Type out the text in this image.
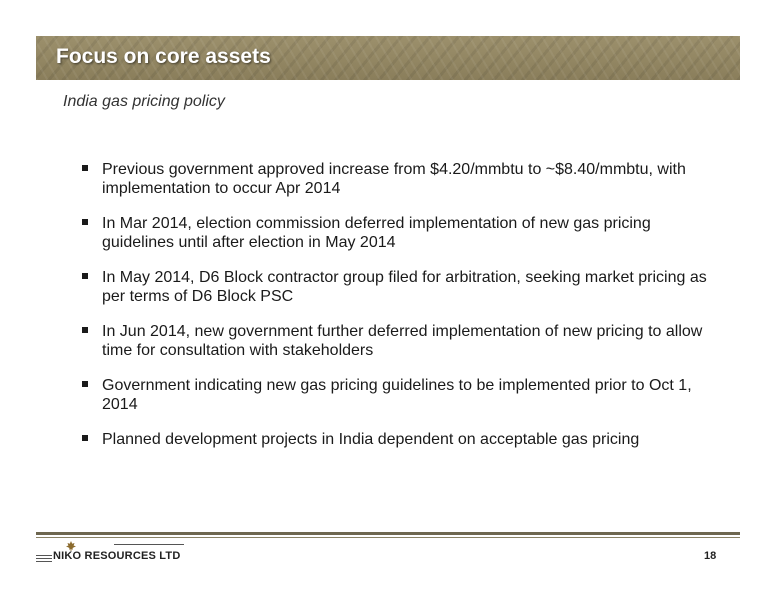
Focus on core assets
India gas pricing policy
Previous government approved increase from $4.20/mmbtu to ~$8.40/mmbtu, with implementation to occur Apr 2014
In Mar 2014, election commission deferred implementation of new gas pricing guidelines until after election in May 2014
In May 2014, D6 Block contractor group filed for arbitration, seeking market pricing as per terms of D6 Block PSC
In Jun 2014, new government further deferred implementation of new pricing to allow time for consultation with stakeholders
Government indicating new gas pricing guidelines to be implemented prior to Oct 1, 2014
Planned development projects in India dependent on acceptable gas pricing
NIKO RESOURCES LTD	18
